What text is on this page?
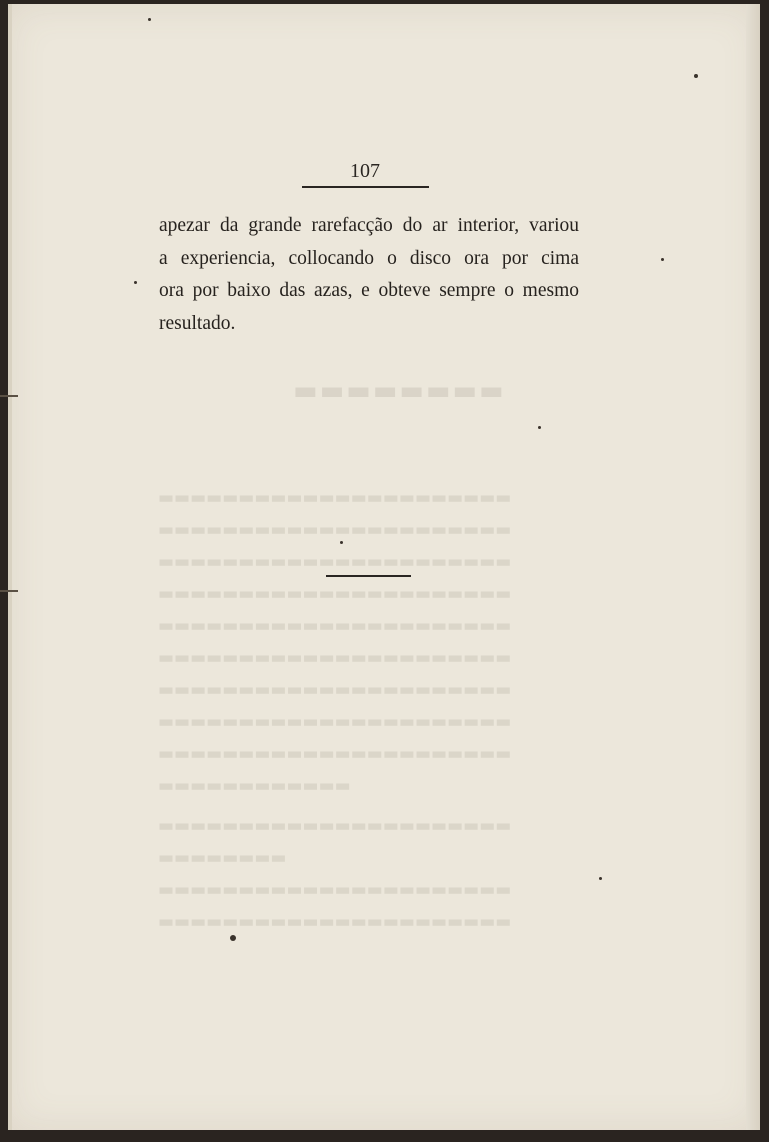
▬▬▬▬▬▬▬▬
▬▬▬▬▬▬▬▬▬▬▬▬▬▬▬▬▬▬▬▬▬▬
▬▬▬▬▬▬▬▬▬▬▬▬▬▬▬▬▬▬▬▬▬▬
▬▬▬▬▬▬▬▬▬▬▬▬▬▬▬▬▬▬▬▬▬▬
▬▬▬▬▬▬▬▬▬▬▬▬▬▬▬▬▬▬▬▬▬▬
▬▬▬▬▬▬▬▬▬▬▬▬▬▬▬▬▬▬▬▬▬▬
▬▬▬▬▬▬▬▬▬▬▬▬▬▬▬▬▬▬▬▬▬▬
▬▬▬▬▬▬▬▬▬▬▬▬▬▬▬▬▬▬▬▬▬▬
▬▬▬▬▬▬▬▬▬▬▬▬▬▬▬▬▬▬▬▬▬▬
▬▬▬▬▬▬▬▬▬▬▬▬▬▬▬▬▬▬▬▬▬▬
▬▬▬▬▬▬▬▬▬▬▬▬
▬▬▬▬▬▬▬▬▬▬▬▬▬▬▬▬▬▬▬▬▬▬
▬▬▬▬▬▬▬▬
▬▬▬▬▬▬▬▬▬▬▬▬▬▬▬▬▬▬▬▬▬▬
▬▬▬▬▬▬▬▬▬▬▬▬▬▬▬▬▬▬▬▬▬▬
107
apezar da grande rarefacção do ar interior, variou
a experiencia, collocando o disco ora por cima
ora por baixo das azas, e obteve sempre o mesmo
resultado.
